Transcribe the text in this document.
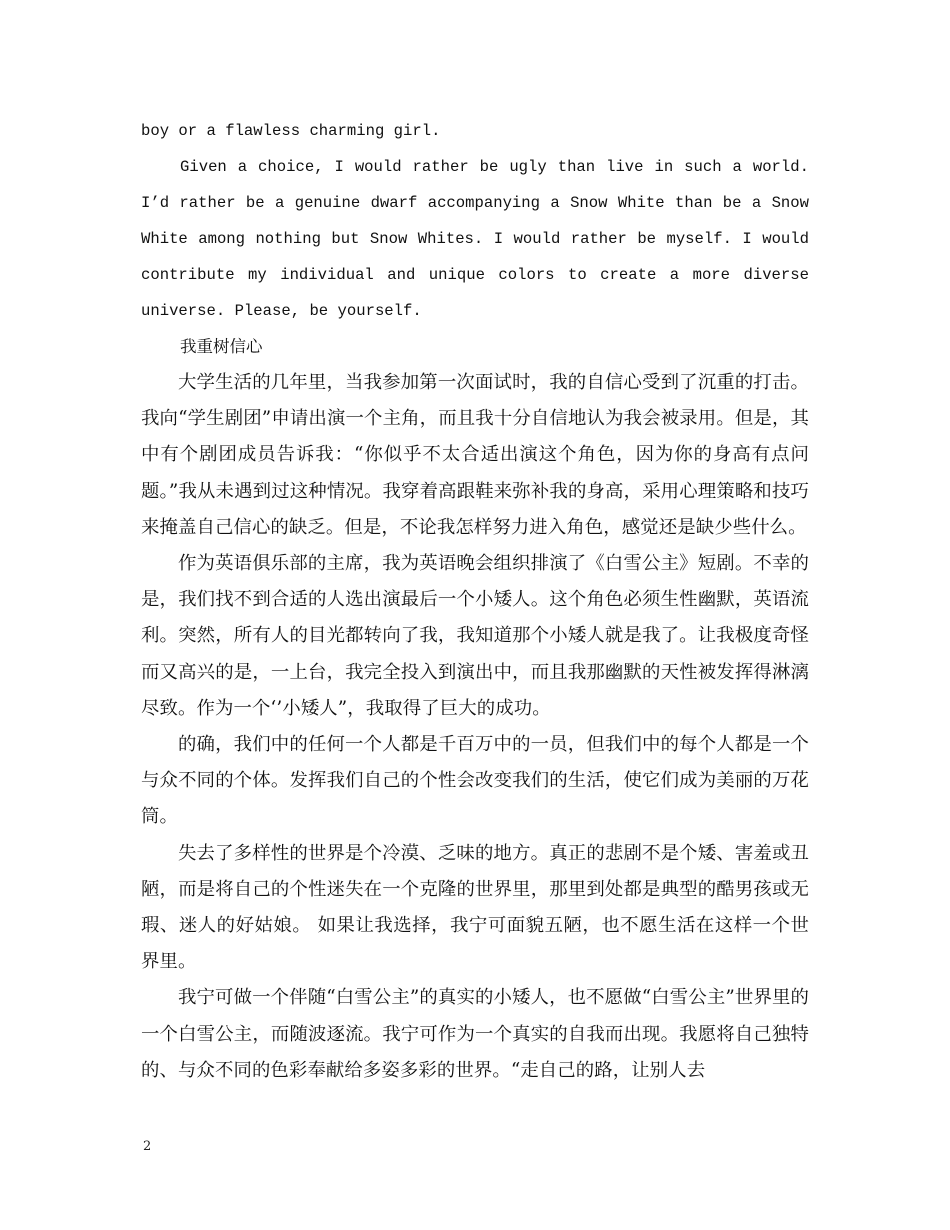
boy or a flawless charming girl.

Given a choice, I would rather be ugly than live in such a world. I’d rather be a genuine dwarf accompanying a Snow White than be a Snow White among nothing but Snow Whites. I would rather be myself. I would contribute my individual and unique colors to create a more diverse universe. Please, be yourself.

我重树信心

大学生活的几年里，当我参加第一次面试时，我的自信心受到了沉重的打击。我向“学生剧团”申请出演一个主角，而且我十分自信地认为我会被录用。但是，其中有个剧团成员告诉我：“你似乎不太合适出演这个角色，因为你的身高有点问题。”我从未遇到过这种情况。我穿着高跟鞋来弥补我的身高，采用心理策略和技巧来掩盖自己信心的缺乏。但是，不论我怎样努力进入角色，感觉还是缺少些什么。

作为英语俱乐部的主席，我为英语晚会组织排演了《白雪公主》短剧。不幸的是，我们找不到合适的人选出演最后一个小矮人。这个角色必须生性幽默，英语流利。突然，所有人的目光都转向了我，我知道那个小矮人就是我了。让我极度奇怪而又高兴的是，一上台，我完全投入到演出中，而且我那幽默的天性被发挥得淋漓尽致。作为一个‘’小矮人”，我取得了巨大的成功。

的确，我们中的任何一个人都是千百万中的一员，但我们中的每个人都是一个与众不同的个体。发挥我们自己的个性会改变我们的生活，使它们成为美丽的万花筒。

失去了多样性的世界是个冷漠、乏味的地方。真正的悲剧不是个矮、害羞或丑陋，而是将自己的个性迷失在一个克隆的世界里，那里到处都是典型的酷男孩或无瑕、迷人的好姑娘。 如果让我选择，我宁可面貌五陋，也不愿生活在这样一个世界里。

我宁可做一个伴随“白雪公主”的真实的小矮人，也不愿做“白雪公主”世界里的一个白雪公主，而随波逐流。我宁可作为一个真实的自我而出现。我愿将自己独特的、与众不同的色彩奉献给多姿多彩的世界。“走自己的路，让别人去

2
